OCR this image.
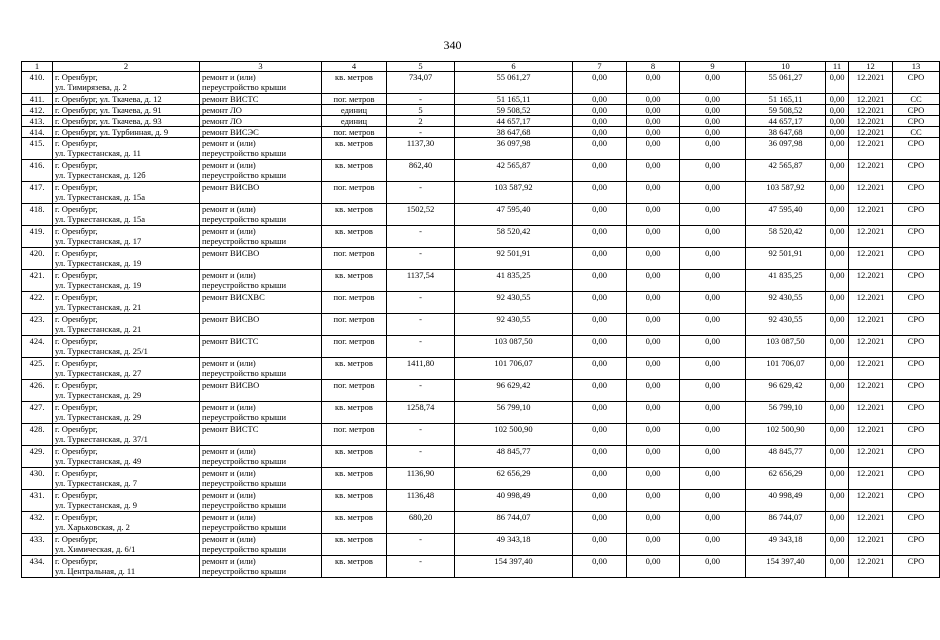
340
1	2	3	4	5	6	7	8	9	10	11	12	13	
410.	г. Оренбург,
ул. Тимирязева, д. 2	ремонт и (или)
переустройство крыши	кв. метров	734,07	55 061,27	0,00	0,00	0,00	55 061,27	0,00	12.2021	СРО	
411.	г. Оренбург, ул. Ткачева, д. 12	ремонт ВИСТС	пог. метров	-	51 165,11	0,00	0,00	0,00	51 165,11	0,00	12.2021	СС	
412.	г. Оренбург, ул. Ткачева, д. 91	ремонт ЛО	единиц	5	59 508,52	0,00	0,00	0,00	59 508,52	0,00	12.2021	СРО	
413.	г. Оренбург, ул. Ткачева, д. 93	ремонт ЛО	единиц	2	44 657,17	0,00	0,00	0,00	44 657,17	0,00	12.2021	СРО	
414.	г. Оренбург, ул. Турбинная, д. 9	ремонт ВИСЭС	пог. метров	-	38 647,68	0,00	0,00	0,00	38 647,68	0,00	12.2021	СС	
415.	г. Оренбург,
ул. Туркестанская, д. 11	ремонт и (или)
переустройство крыши	кв. метров	1137,30	36 097,98	0,00	0,00	0,00	36 097,98	0,00	12.2021	СРО	
416.	г. Оренбург,
ул. Туркестанская, д. 12б	ремонт и (или)
переустройство крыши	кв. метров	862,40	42 565,87	0,00	0,00	0,00	42 565,87	0,00	12.2021	СРО	
417.	г. Оренбург,
ул. Туркестанская, д. 15а	ремонт ВИСВО	пог. метров	-	103 587,92	0,00	0,00	0,00	103 587,92	0,00	12.2021	СРО	
418.	г. Оренбург,
ул. Туркестанская, д. 15а	ремонт и (или)
переустройство крыши	кв. метров	1502,52	47 595,40	0,00	0,00	0,00	47 595,40	0,00	12.2021	СРО	
419.	г. Оренбург,
ул. Туркестанская, д. 17	ремонт и (или)
переустройство крыши	кв. метров	-	58 520,42	0,00	0,00	0,00	58 520,42	0,00	12.2021	СРО	
420.	г. Оренбург,
ул. Туркестанская, д. 19	ремонт ВИСВО	пог. метров	-	92 501,91	0,00	0,00	0,00	92 501,91	0,00	12.2021	СРО	
421.	г. Оренбург,
ул. Туркестанская, д. 19	ремонт и (или)
переустройство крыши	кв. метров	1137,54	41 835,25	0,00	0,00	0,00	41 835,25	0,00	12.2021	СРО	
422.	г. Оренбург,
ул. Туркестанская, д. 21	ремонт ВИСХВС	пог. метров	-	92 430,55	0,00	0,00	0,00	92 430,55	0,00	12.2021	СРО	
423.	г. Оренбург,
ул. Туркестанская, д. 21	ремонт ВИСВО	пог. метров	-	92 430,55	0,00	0,00	0,00	92 430,55	0,00	12.2021	СРО	
424.	г. Оренбург,
ул. Туркестанская, д. 25/1	ремонт ВИСТС	пог. метров	-	103 087,50	0,00	0,00	0,00	103 087,50	0,00	12.2021	СРО	
425.	г. Оренбург,
ул. Туркестанская, д. 27	ремонт и (или)
переустройство крыши	кв. метров	1411,80	101 706,07	0,00	0,00	0,00	101 706,07	0,00	12.2021	СРО	
426.	г. Оренбург,
ул. Туркестанская, д. 29	ремонт ВИСВО	пог. метров	-	96 629,42	0,00	0,00	0,00	96 629,42	0,00	12.2021	СРО	
427.	г. Оренбург,
ул. Туркестанская, д. 29	ремонт и (или)
переустройство крыши	кв. метров	1258,74	56 799,10	0,00	0,00	0,00	56 799,10	0,00	12.2021	СРО	
428.	г. Оренбург,
ул. Туркестанская, д. 37/1	ремонт ВИСТС	пог. метров	-	102 500,90	0,00	0,00	0,00	102 500,90	0,00	12.2021	СРО	
429.	г. Оренбург,
ул. Туркестанская, д. 49	ремонт и (или)
переустройство крыши	кв. метров	-	48 845,77	0,00	0,00	0,00	48 845,77	0,00	12.2021	СРО	
430.	г. Оренбург,
ул. Туркестанская, д. 7	ремонт и (или)
переустройство крыши	кв. метров	1136,90	62 656,29	0,00	0,00	0,00	62 656,29	0,00	12.2021	СРО	
431.	г. Оренбург,
ул. Туркестанская, д. 9	ремонт и (или)
переустройство крыши	кв. метров	1136,48	40 998,49	0,00	0,00	0,00	40 998,49	0,00	12.2021	СРО	
432.	г. Оренбург,
ул. Харьковская, д. 2	ремонт и (или)
переустройство крыши	кв. метров	680,20	86 744,07	0,00	0,00	0,00	86 744,07	0,00	12.2021	СРО	
433.	г. Оренбург,
ул. Химическая, д. 6/1	ремонт и (или)
переустройство крыши	кв. метров	-	49 343,18	0,00	0,00	0,00	49 343,18	0,00	12.2021	СРО	
434.	г. Оренбург,
ул. Центральная, д. 11	ремонт и (или)
переустройство крыши	кв. метров	-	154 397,40	0,00	0,00	0,00	154 397,40	0,00	12.2021	СРО	
